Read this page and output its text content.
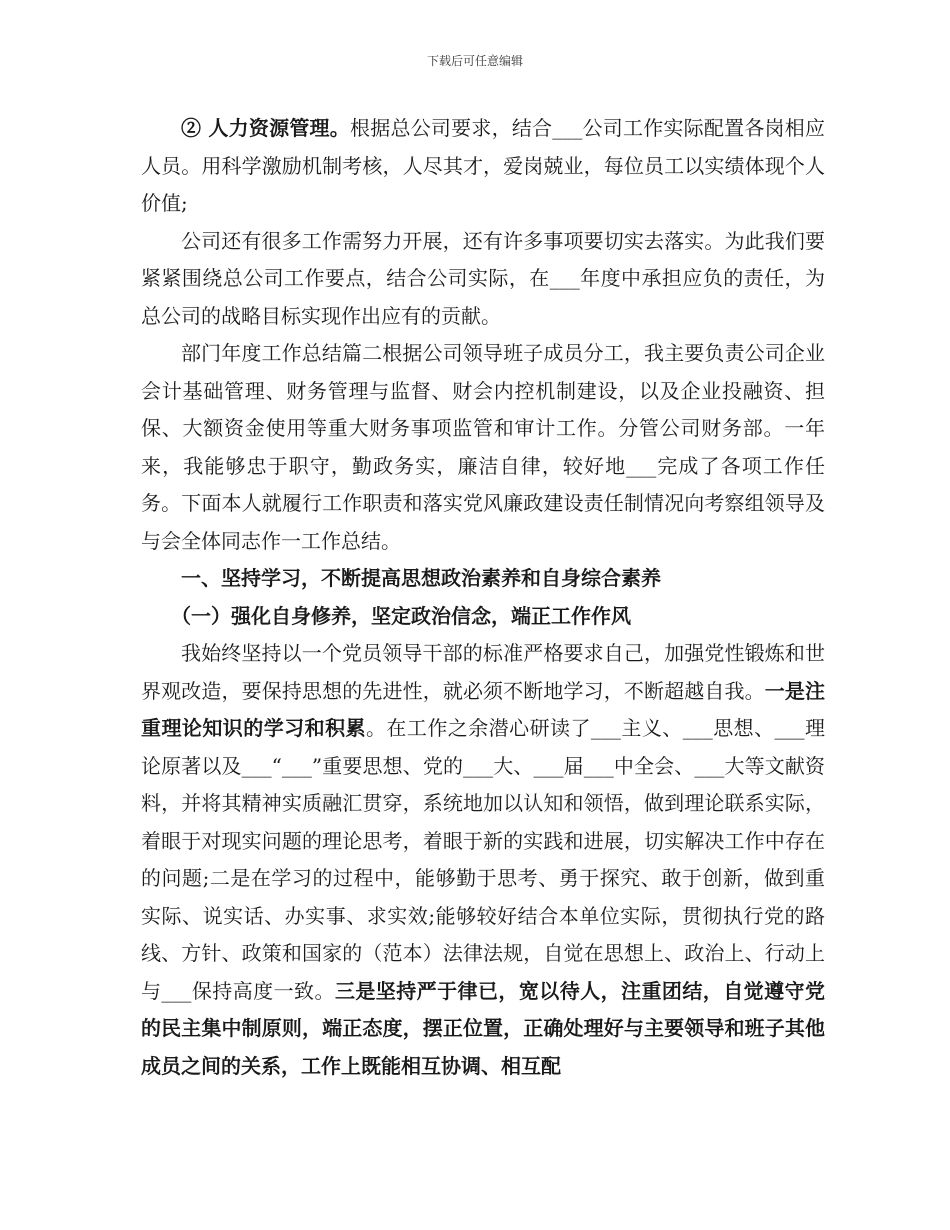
下载后可任意编辑

② 人力资源管理。根据总公司要求，结合___公司工作实际配置各岗相应人员。用科学激励机制考核，人尽其才，爱岗兢业，每位员工以实绩体现个人价值;

公司还有很多工作需努力开展，还有许多事项要切实去落实。为此我们要紧紧围绕总公司工作要点，结合公司实际，在___年度中承担应负的责任，为总公司的战略目标实现作出应有的贡献。

部门年度工作总结篇二根据公司领导班子成员分工，我主要负责公司企业会计基础管理、财务管理与监督、财会内控机制建设，以及企业投融资、担保、大额资金使用等重大财务事项监管和审计工作。分管公司财务部。一年来，我能够忠于职守，勤政务实，廉洁自律，较好地___完成了各项工作任务。下面本人就履行工作职责和落实党风廉政建设责任制情况向考察组领导及与会全体同志作一工作总结。

一、坚持学习，不断提高思想政治素养和自身综合素养

（一）强化自身修养，坚定政治信念，端正工作作风

我始终坚持以一个党员领导干部的标准严格要求自己，加强党性锻炼和世界观改造，要保持思想的先进性，就必须不断地学习，不断超越自我。一是注重理论知识的学习和积累。在工作之余潜心研读了___主义、___思想、___理论原著以及___“___”重要思想、党的___大、___届___中全会、___大等文献资料，并将其精神实质融汇贯穿，系统地加以认知和领悟，做到理论联系实际，着眼于对现实问题的理论思考，着眼于新的实践和进展，切实解决工作中存在的问题;二是在学习的过程中，能够勤于思考、勇于探究、敢于创新，做到重实际、说实话、办实事、求实效;能够较好结合本单位实际，贯彻执行党的路线、方针、政策和国家的（范本）法律法规，自觉在思想上、政治上、行动上与___保持高度一致。三是坚持严于律已，宽以待人，注重团结，自觉遵守党的民主集中制原则，端正态度，摆正位置，正确处理好与主要领导和班子其他成员之间的关系，工作上既能相互协调、相互配
